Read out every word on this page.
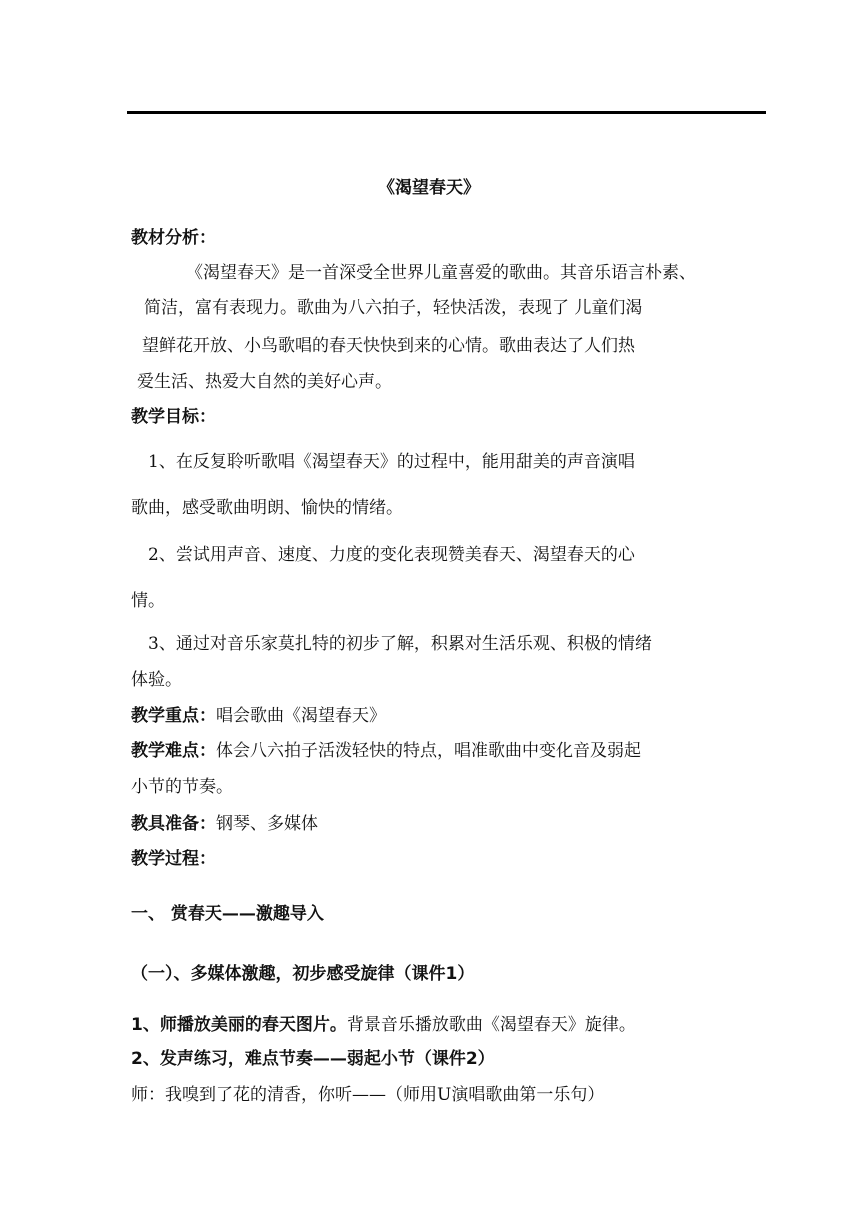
《渴望春天》
教材分析：
《渴望春天》是一首深受全世界儿童喜爱的歌曲。其音乐语言朴素、
简洁，富有表现力。歌曲为八六拍子，轻快活泼，表现了 儿童们渴
望鲜花开放、小鸟歌唱的春天快快到来的心情。歌曲表达了人们热
爱生活、热爱大自然的美好心声。
教学目标：
1、在反复聆听歌唱《渴望春天》的过程中，能用甜美的声音演唱
歌曲，感受歌曲明朗、愉快的情绪。
2、尝试用声音、速度、力度的变化表现赞美春天、渴望春天的心
情。
3、通过对音乐家莫扎特的初步了解，积累对生活乐观、积极的情绪
体验。
教学重点：唱会歌曲《渴望春天》
教学难点：体会八六拍子活泼轻快的特点，唱准歌曲中变化音及弱起
小节的节奏。
教具准备：钢琴、多媒体
教学过程：
一、 赏春天——激趣导入
（一）、多媒体激趣，初步感受旋律（课件1）
1、师播放美丽的春天图片。背景音乐播放歌曲《渴望春天》旋律。
2、发声练习，难点节奏——弱起小节（课件2）
师：我嗅到了花的清香，你听——（师用U演唱歌曲第一乐句）
